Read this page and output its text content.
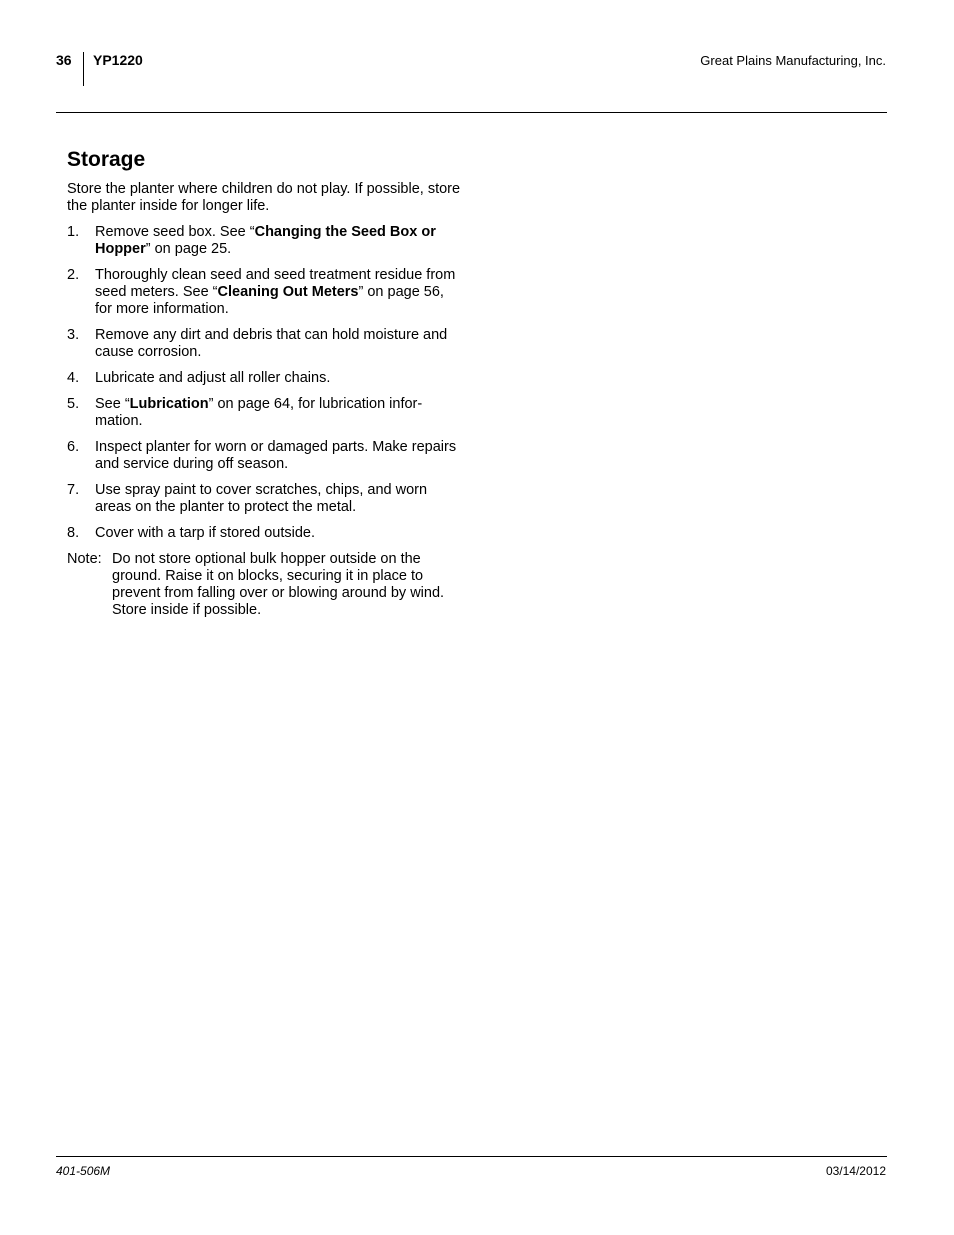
36 YP1220	Great Plains Manufacturing, Inc.
Storage

Store the planter where children do not play. If possible, store the planter inside for longer life.

1. Remove seed box. See “Changing the Seed Box or Hopper” on page 25.
2. Thoroughly clean seed and seed treatment residue from seed meters. See “Cleaning Out Meters” on page 56, for more information.
3. Remove any dirt and debris that can hold moisture and cause corrosion.
4. Lubricate and adjust all roller chains.
5. See “Lubrication” on page 64, for lubrication infor-mation.
6. Inspect planter for worn or damaged parts. Make repairs and service during off season.
7. Use spray paint to cover scratches, chips, and worn areas on the planter to protect the metal.
8. Cover with a tarp if stored outside.
Note: Do not store optional bulk hopper outside on the ground. Raise it on blocks, securing it in place to prevent from falling over or blowing around by wind. Store inside if possible.
401-506M	03/14/2012
